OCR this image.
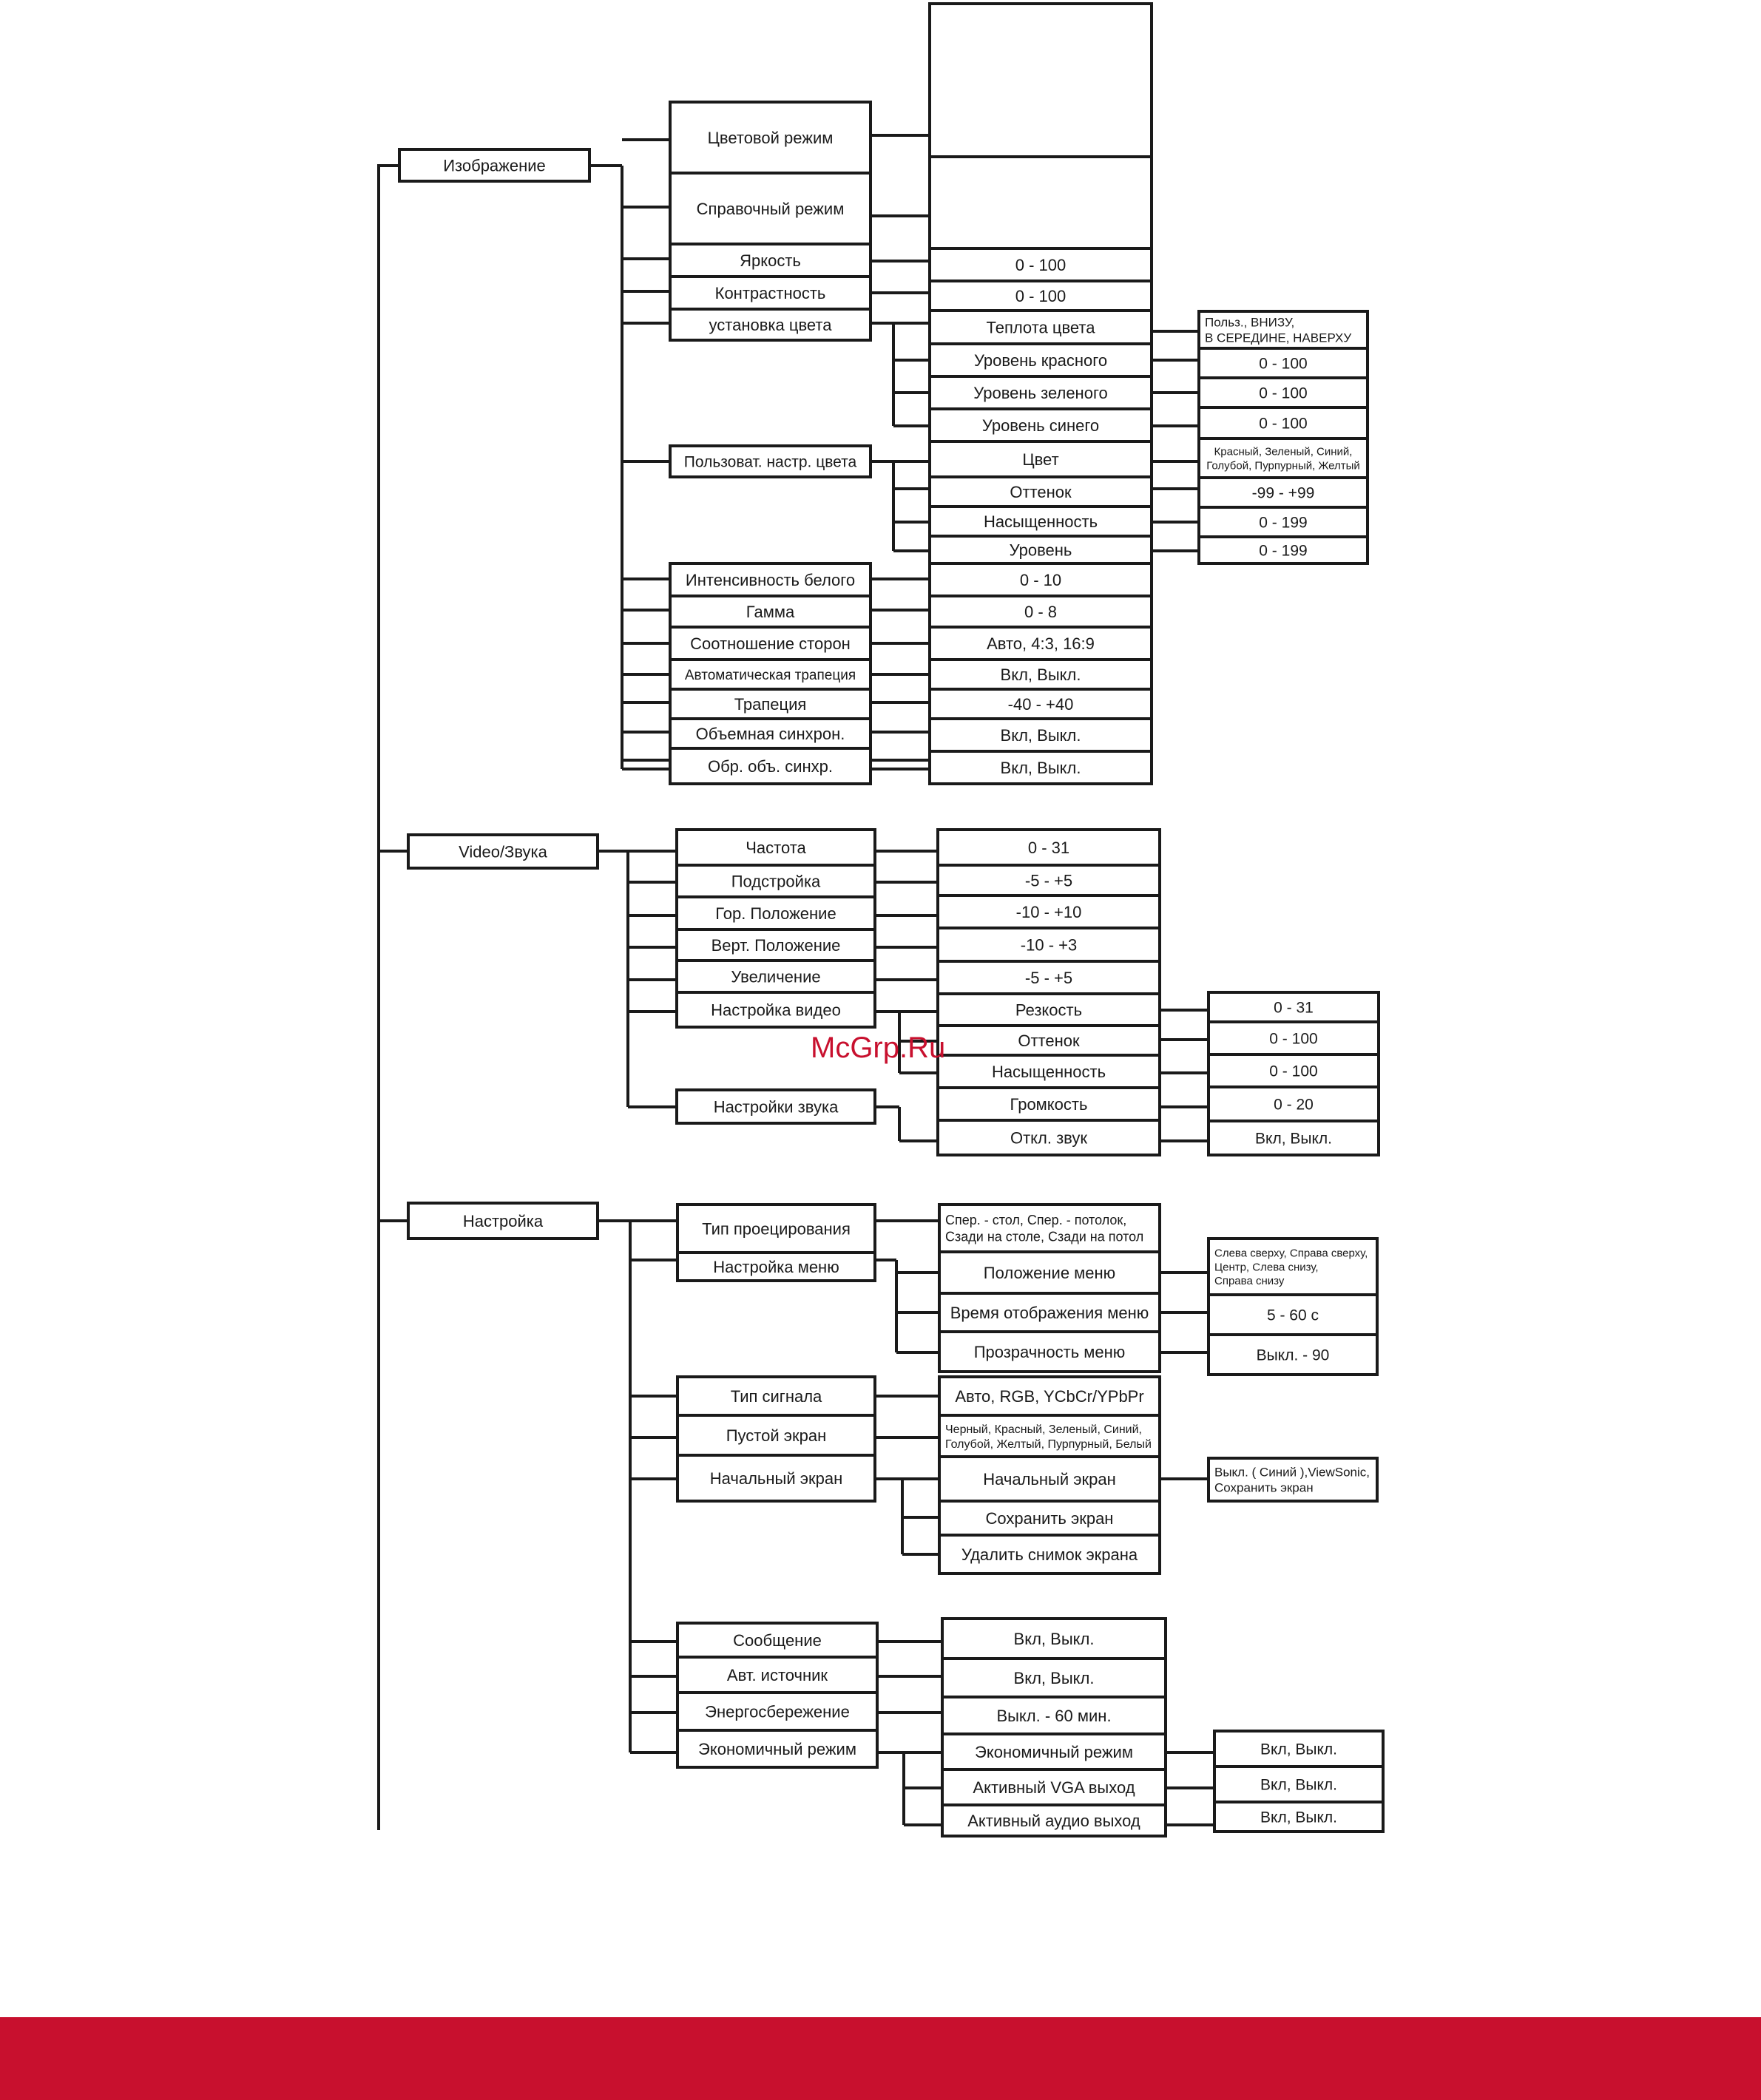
Изображение
Цветовой режим
Справочный режим
Яркость
Контрастность
установка цвета
Пользоват. настр. цвета
Интенсивность белого
Гамма
Соотношение сторон
Автоматическая трапеция
Трапеция
Объемная синхрон.
Обр. объ. синхр.
0 - 100
0 - 100
Теплота цвета
Уровень красного
Уровень зеленого
Уровень синего
Цвет
Оттенок
Насыщенность
Уровень
0 - 10
0 - 8
Авто, 4:3, 16:9
Вкл, Выкл.
-40 - +40
Вкл, Выкл.
Вкл, Выкл.
Польз., ВНИЗУ,
В СЕРЕДИНЕ, НАВЕРХУ
0 - 100
0 - 100
0 - 100
Красный, Зеленый, Синий,
Голубой, Пурпурный, Желтый
-99 - +99
0 - 199
0 - 199
Video/Звука	Частота
Подстройка
Гор. Положение
Верт. Положение
Увеличение
Настройка видео
Настройки звука
0 - 31
-5 - +5
-10 - +10
-10 - +3
-5 - +5
Резкость
Оттенок
Насыщенность
Громкость
Откл. звук
0 - 31
0 - 100
0 - 100
0 - 20
Вкл, Выкл.
Настройка	Тип проецирования
Настройка меню
Тип сигнала
Пустой экран
Начальный экран
Сообщение
Авт. источник
Энергосбережение
Экономичный режим
Спер. - стол, Спер. - потолок,
Сзади на столе, Сзади на потол
Положение меню
Время отображения меню
Прозрачность меню
Авто, RGB, YCbCr/YPbPr
Черный, Красный, Зеленый, Синий,
Голубой, Желтый, Пурпурный, Белый
Начальный экран
Сохранить экран
Удалить снимок экрана
Вкл, Выкл.
Вкл, Выкл.
Выкл. - 60 мин.
Экономичный режим
Активный VGA выход
Активный аудио выход
Слева сверху, Справа сверху,
Центр, Слева снизу,
Справа снизу
5 - 60 с
Выкл. - 90
Выкл. ( Синий ),ViewSonic,
Сохранить экран
Вкл, Выкл.
Вкл, Выкл.
Вкл, Выкл.
McGrp.Ru
